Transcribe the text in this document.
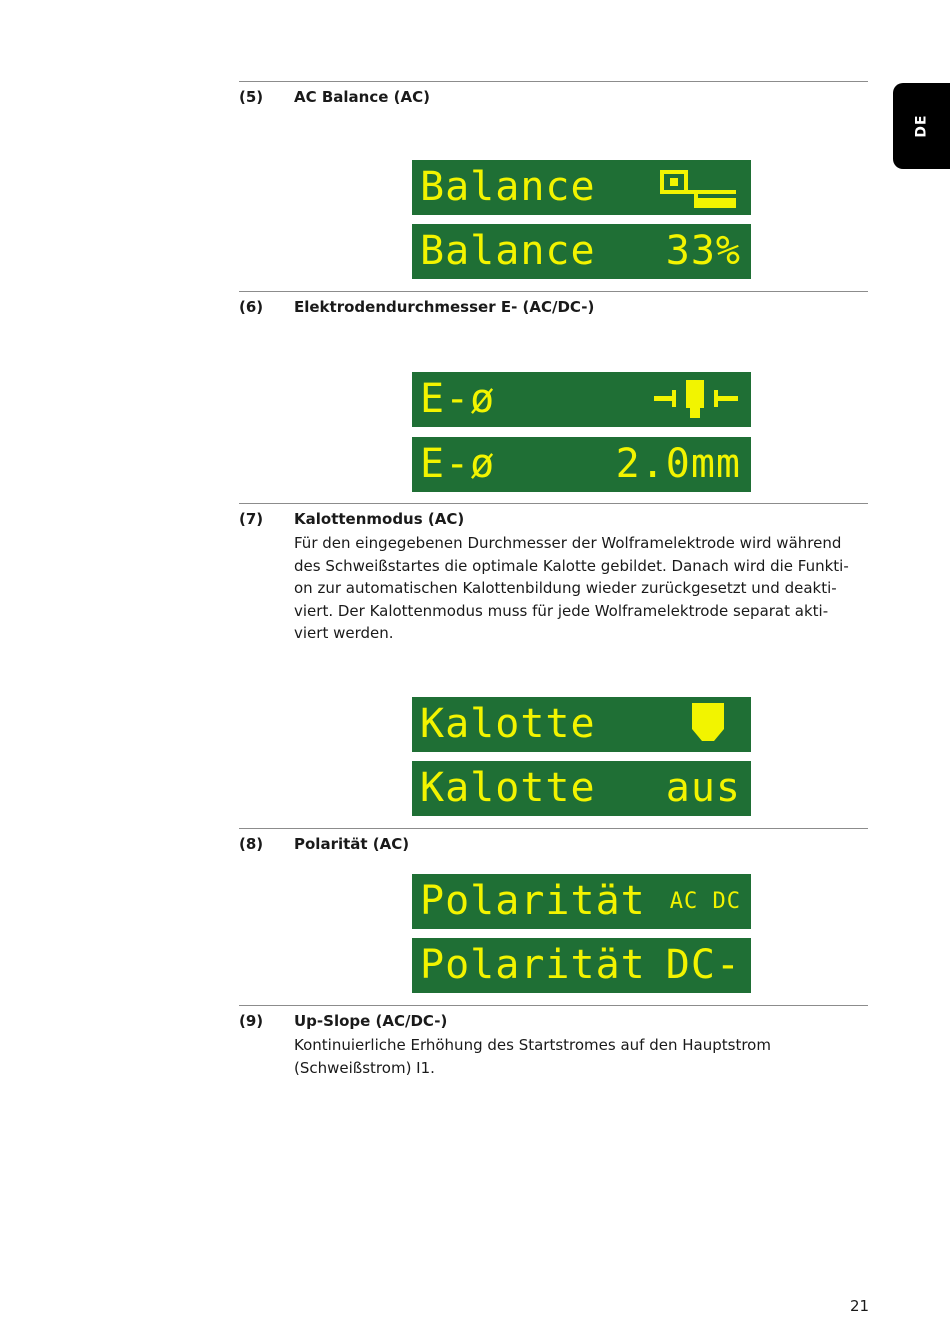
DE
(5) AC Balance (AC)
Balance
Balance 33%
(6) Elektrodendurchmesser E- (AC/DC-)
E-ø
E-ø	2.0mm
(7) Kalottenmodus (AC)
Für den eingegebenen Durchmesser der Wolframelektrode wird während
des Schweißstartes die optimale Kalotte gebildet. Danach wird die Funkti-
on zur automatischen Kalottenbildung wieder zurückgesetzt und deakti-
viert. Der Kalottenmodus muss für jede Wolframelektrode separat akti-
viert werden.
Kalotte
Kalotte aus
(8) Polarität (AC)
Polarität AC DC
Polarität DC-
(9) Up-Slope (AC/DC-)
Kontinuierliche Erhöhung des Startstromes auf den Hauptstrom
(Schweißstrom) I1.
21
